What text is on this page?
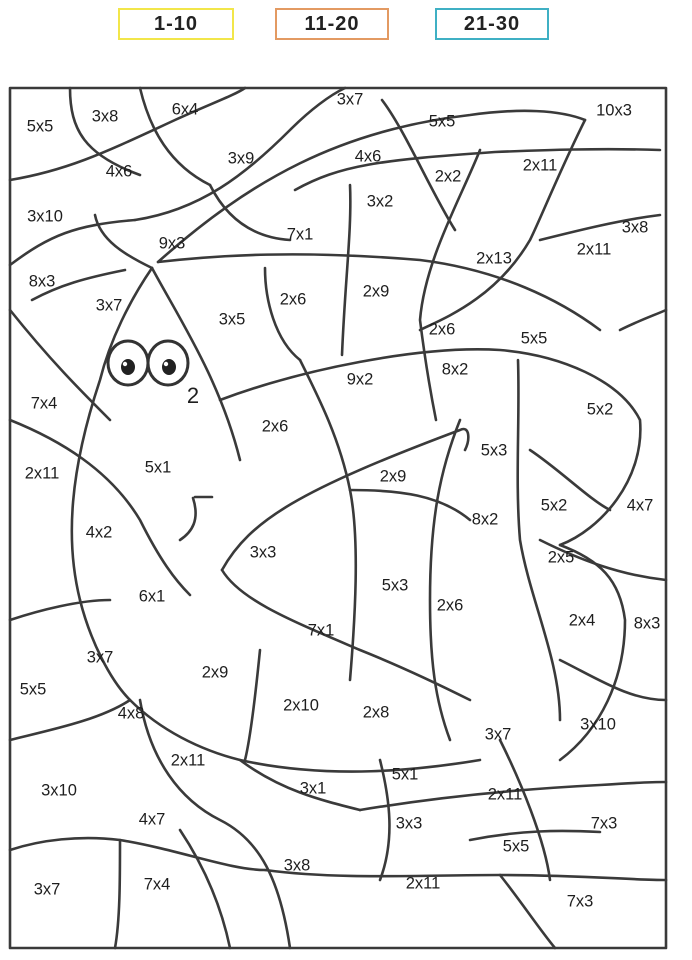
1-10	11-20	21-30
2
5x5
3x8	6x4
3x7
5x5
10x3
4x6
3x9	4x6	2x11
3x10
2x2
3x2
7x1
9x3
3x8
2x13	2x11
8x3
3x7	2x6	2x9
3x5
2x6	5x5
9x2
8x2
7x4	5x2
2x6
5x3
2x11	5x1	2x9
4x2
8x2
5x2	4x7
3x3
5x3
2x5
2x6
6x1
7x1
2x4 8x3
3x7
5x5
2x9
4x8	2x10	2x8
3x7
3x10
2x11
5x1
3x10	3x1	2x11
4x7	3x3
5x5
7x3
3x8
3x7	7x4	2x11
7x3
